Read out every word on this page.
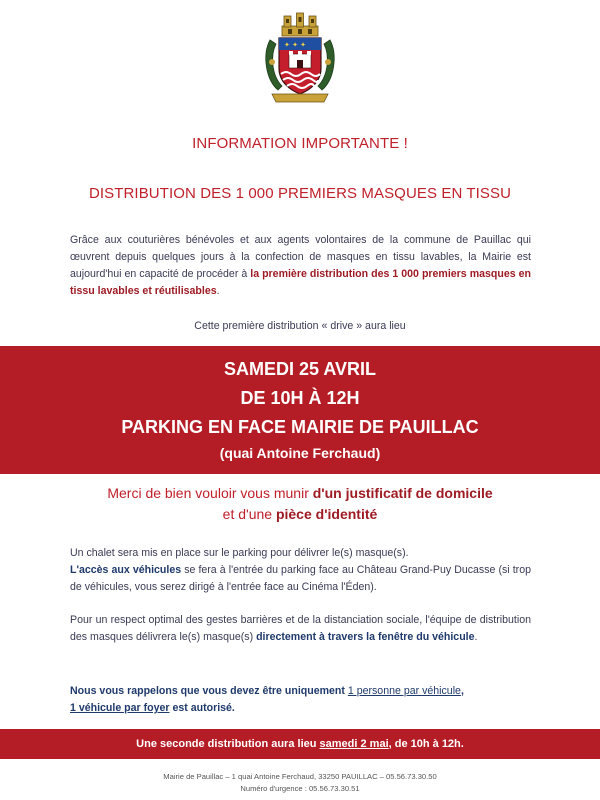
✦ ✦ ✦
INFORMATION IMPORTANTE !
DISTRIBUTION DES 1 000 PREMIERS MASQUES EN TISSU
Grâce aux couturières bénévoles et aux agents volontaires de la commune de Pauillac qui œuvrent depuis quelques jours à la confection de masques en tissu lavables, la Mairie est aujourd'hui en capacité de procéder à la première distribution des 1 000 premiers masques en tissu lavables et réutilisables.
Cette première distribution « drive » aura lieu
SAMEDI 25 AVRIL
DE 10H À 12H
PARKING EN FACE MAIRIE DE PAUILLAC
(quai Antoine Ferchaud)
Merci de bien vouloir vous munir d'un justificatif de domicile
et d'une pièce d'identité
Un chalet sera mis en place sur le parking pour délivrer le(s) masque(s).
L'accès aux véhicules se fera à l'entrée du parking face au Château Grand-Puy Ducasse (si trop de véhicules, vous serez dirigé à l'entrée face au Cinéma l'Éden).
Pour un respect optimal des gestes barrières et de la distanciation sociale, l'équipe de distribution des masques délivrera le(s) masque(s) directement à travers la fenêtre du véhicule.
Nous vous rappelons que vous devez être uniquement 1 personne par véhicule,
1 véhicule par foyer est autorisé.
Une seconde distribution aura lieu samedi 2 mai, de 10h à 12h.
Mairie de Pauillac – 1 quai Antoine Ferchaud, 33250 PAUILLAC – 05.56.73.30.50
Numéro d'urgence : 05.56.73.30.51
